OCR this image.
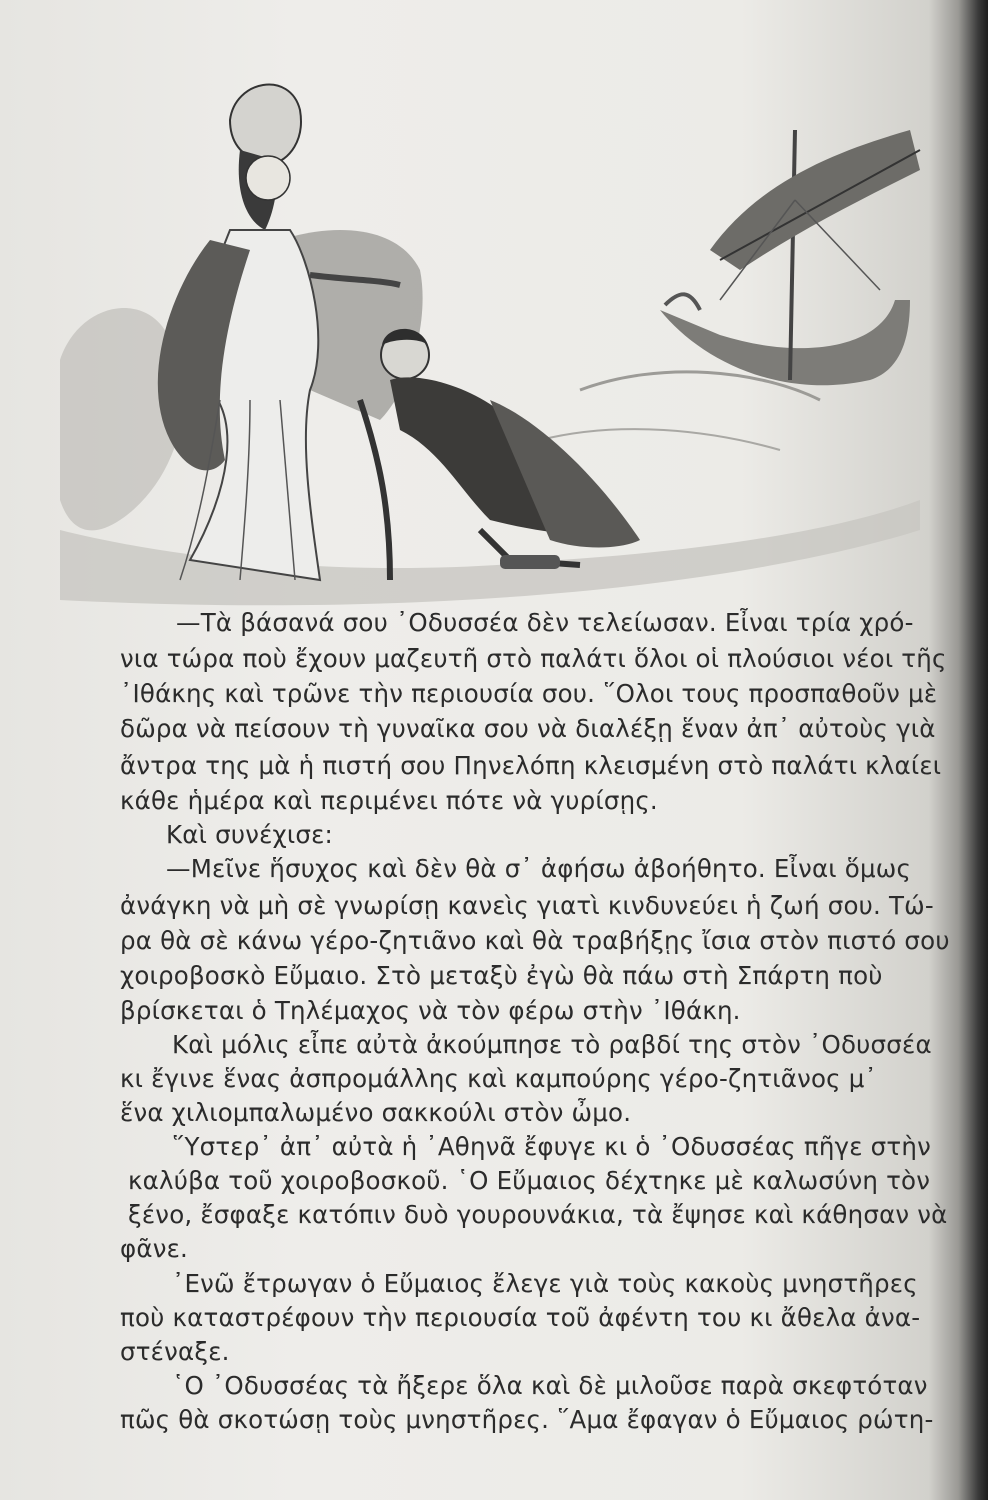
—Τὰ βάσανά σου ᾿Οδυσσέα δὲν τελείωσαν. Εἶναι τρία χρό-
νια τώρα ποὺ ἔχουν μαζευτῆ στὸ παλάτι ὅλοι οἱ πλούσιοι νέοι τῆς
᾿Ιθάκης καὶ τρῶνε τὴν περιουσία σου. ῞Ολοι τους προσπαθοῦν μὲ
δῶρα νὰ πείσουν τὴ γυναῖκα σου νὰ διαλέξῃ ἕναν ἀπ᾿ αὐτοὺς γιὰ
ἄντρα της μὰ ἡ πιστή σου Πηνελόπη κλεισμένη στὸ παλάτι κλαίει
κάθε ἡμέρα καὶ περιμένει πότε νὰ γυρίσῃς.
Καὶ συνέχισε:
—Μεῖνε ἥσυχος καὶ δὲν θὰ σ᾿ ἀφήσω ἀβοήθητο. Εἶναι ὅμως
ἀνάγκη νὰ μὴ σὲ γνωρίσῃ κανεὶς γιατὶ κινδυνεύει ἡ ζωή σου. Τώ-
ρα θὰ σὲ κάνω γέρο-ζητιᾶνο καὶ θὰ τραβήξῃς ἴσια στὸν πιστό σου
χοιροβοσκὸ Εὔμαιο. Στὸ μεταξὺ ἐγὼ θὰ πάω στὴ Σπάρτη ποὺ
βρίσκεται ὁ Τηλέμαχος νὰ τὸν φέρω στὴν ᾿Ιθάκη.
Καὶ μόλις εἶπε αὐτὰ ἀκούμπησε τὸ ραβδί της στὸν ᾿Οδυσσέα
κι ἔγινε ἕνας ἀσπρομάλλης καὶ καμπούρης γέρο-ζητιᾶνος μ᾿
ἕνα χιλιομπαλωμένο σακκούλι στὸν ὦμο.
῞Υστερ᾿ ἀπ᾿ αὐτὰ ἡ ᾿Αθηνᾶ ἔφυγε κι ὁ ᾿Οδυσσέας πῆγε στὴν
καλύβα τοῦ χοιροβοσκοῦ. ῾Ο Εὔμαιος δέχτηκε μὲ καλωσύνη τὸν
ξένο, ἔσφαξε κατόπιν δυὸ γουρουνάκια, τὰ ἔψησε καὶ κάθησαν νὰ
φᾶνε.
᾿Ενῶ ἔτρωγαν ὁ Εὔμαιος ἔλεγε γιὰ τοὺς κακοὺς μνηστῆρες
ποὺ καταστρέφουν τὴν περιουσία τοῦ ἀφέντη του κι ἄθελα ἀνα-
στέναξε.
῾Ο ᾿Οδυσσέας τὰ ἤξερε ὅλα καὶ δὲ μιλοῦσε παρὰ σκεφτόταν
πῶς θὰ σκοτώσῃ τοὺς μνηστῆρες. ῞Αμα ἔφαγαν ὁ Εὔμαιος ρώτη-
